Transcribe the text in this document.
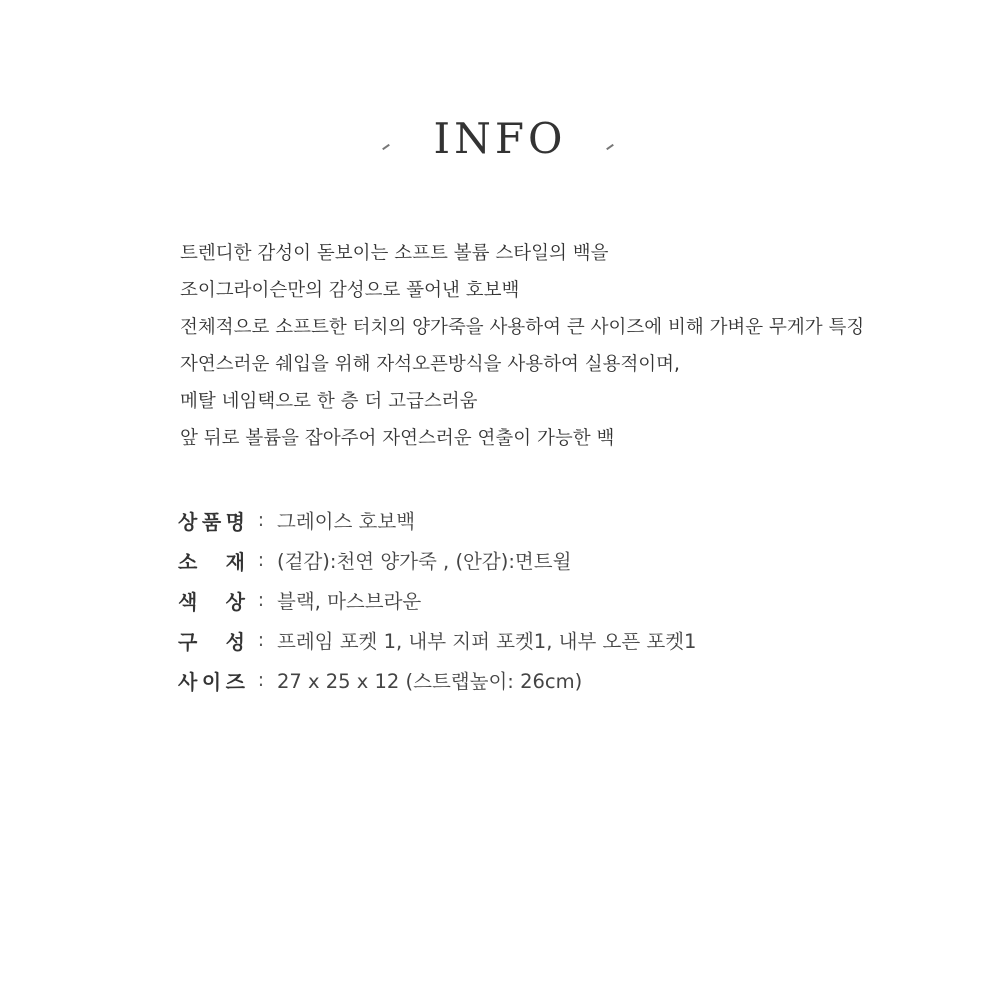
INFO
트렌디한 감성이 돋보이는 소프트 볼륨 스타일의 백을
조이그라이슨만의 감성으로 풀어낸 호보백
전체적으로 소프트한 터치의 양가죽을 사용하여 큰 사이즈에 비해 가벼운 무게가 특징
자연스러운 쉐입을 위해 자석오픈방식을 사용하여 실용적이며,
메탈 네임택으로 한 층 더 고급스러움
앞 뒤로 볼륨을 잡아주어 자연스러운 연출이 가능한 백
상 품 명 : 그레이스 호보백
소 재 : (겉감):천연 양가죽 , (안감):면트윌
색 상 : 블랙, 마스브라운
구 성 : 프레임 포켓 1, 내부 지퍼 포켓1, 내부 오픈 포켓1
사 이 즈 : 27 x 25 x 12 (스트랩높이: 26cm)
